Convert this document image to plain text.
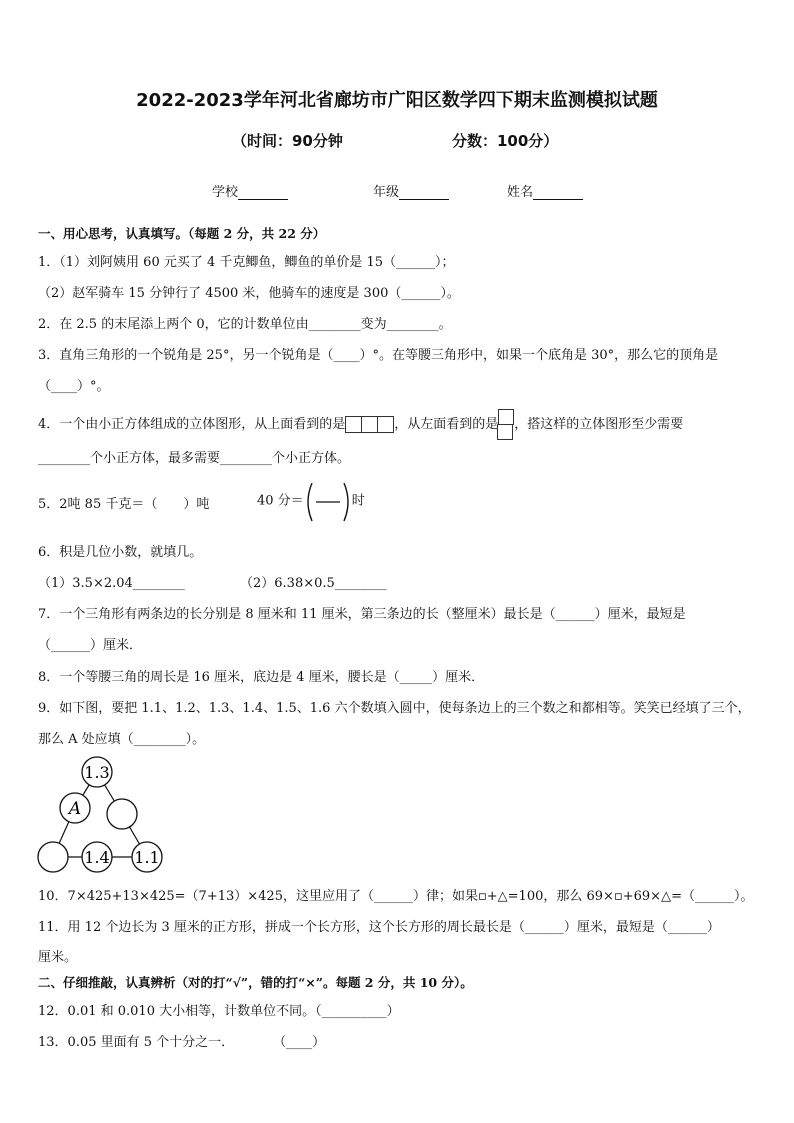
2022-2023学年河北省廊坊市广阳区数学四下期末监测模拟试题
（时间：90分钟	分数：100分）
学校	年级	姓名
一、用心思考，认真填写。（每题 2 分，共 22 分）
1．（1）刘阿姨用 60 元买了 4 千克鲫鱼，鲫鱼的单价是 15（______）；
（2）赵军骑车 15 分钟行了 4500 米，他骑车的速度是 300（______）。
2．在 2.5 的末尾添上两个 0，它的计数单位由________变为________。
3．直角三角形的一个锐角是 25°，另一个锐角是（____）°。在等腰三角形中，如果一个底角是 30°，那么它的顶角是
（____）°。
4．一个由小正方体组成的立体图形，从上面看到的是	，从左面看到的是 ，搭这样的立体图形至少需要
________个小正方体，最多需要________个小正方体。
5．2吨 85 千克＝（　　）吨	40 分＝	时
6．积是几位小数，就填几。
（1）3.5×2.04________	（2）6.38×0.5________
7．一个三角形有两条边的长分别是 8 厘米和 11 厘米，第三条边的长（整厘米）最长是（______）厘米，最短是
（______）厘米．
8．一个等腰三角的周长是 16 厘米，底边是 4 厘米，腰长是（_____）厘米．
9．如下图，要把 1.1、1.2、1.3、1.4、1.5、1.6 六个数填入圆中，使每条边上的三个数之和都相等。笑笑已经填了三个，
那么 A 处应填（________）。
1.3
A
1.4 1.1
10．7×425+13×425=（7+13）×425，这里应用了（______）律；如果▫+△=100，那么 69×▫+69×△=（______）。
11．用 12 个边长为 3 厘米的正方形，拼成一个长方形，这个长方形的周长最长是（______）厘米，最短是（______）
厘米。
二、仔细推敲，认真辨析（对的打“√”，错的打“×”。每题 2 分，共 10 分）。
12．0.01 和 0.010 大小相等，计数单位不同。（__________）
13．0.05 里面有 5 个十分之一．　　　　（____）
